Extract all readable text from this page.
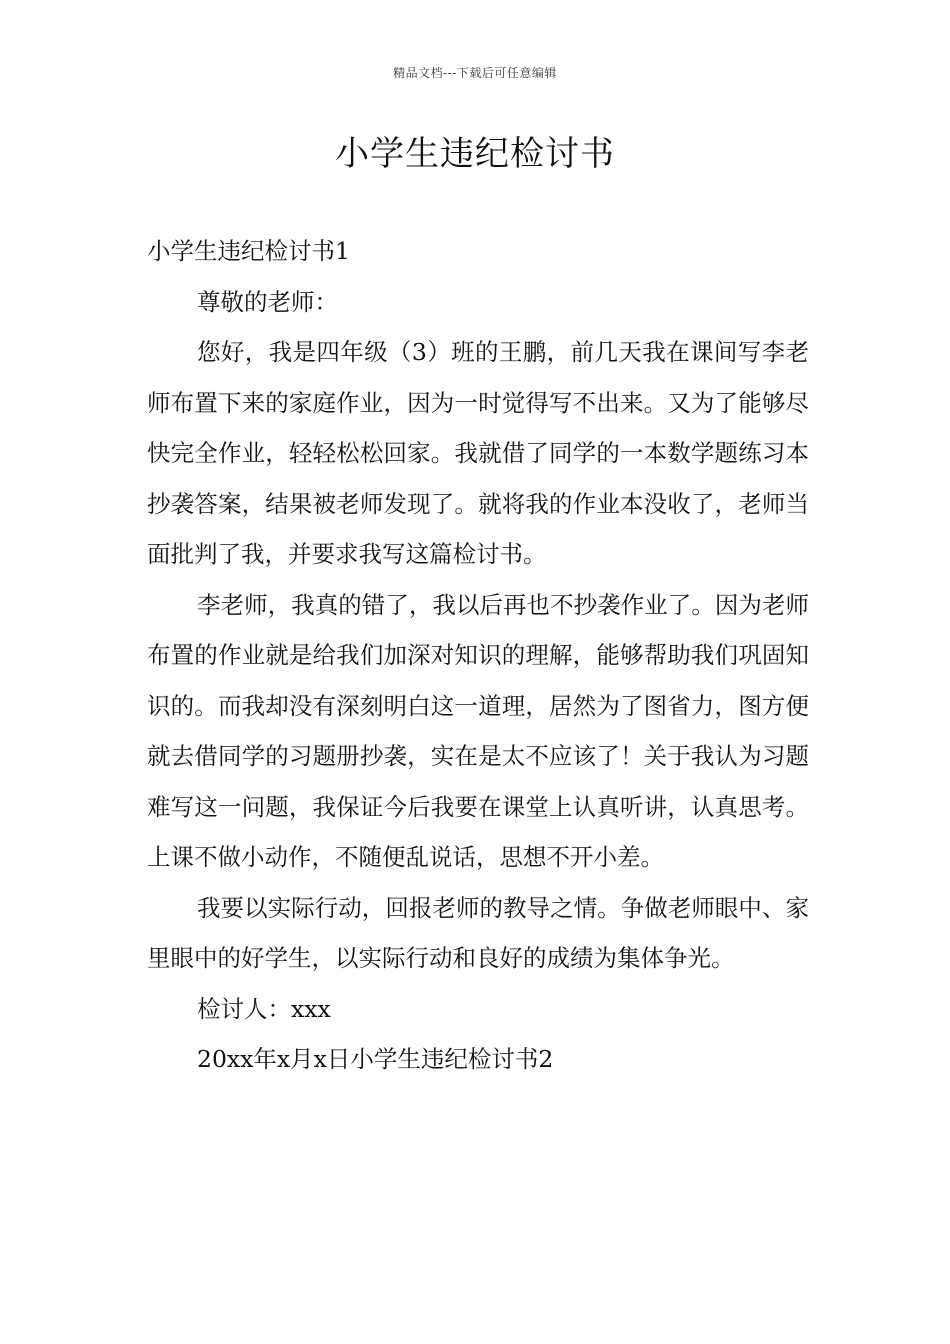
精品文档---下载后可任意编辑
小学生违纪检讨书

小学生违纪检讨书1

尊敬的老师：

您好，我是四年级（3）班的王鹏，前几天我在课间写李老师布置下来的家庭作业，因为一时觉得写不出来。又为了能够尽快完全作业，轻轻松松回家。我就借了同学的一本数学题练习本抄袭答案，结果被老师发现了。就将我的作业本没收了，老师当面批判了我，并要求我写这篇检讨书。

李老师，我真的错了，我以后再也不抄袭作业了。因为老师布置的作业就是给我们加深对知识的理解，能够帮助我们巩固知识的。而我却没有深刻明白这一道理，居然为了图省力，图方便就去借同学的习题册抄袭，实在是太不应该了！关于我认为习题难写这一问题，我保证今后我要在课堂上认真听讲，认真思考。上课不做小动作，不随便乱说话，思想不开小差。

我要以实际行动，回报老师的教导之情。争做老师眼中、家里眼中的好学生，以实际行动和良好的成绩为集体争光。

检讨人：xxx

20xx年x月x日小学生违纪检讨书2
